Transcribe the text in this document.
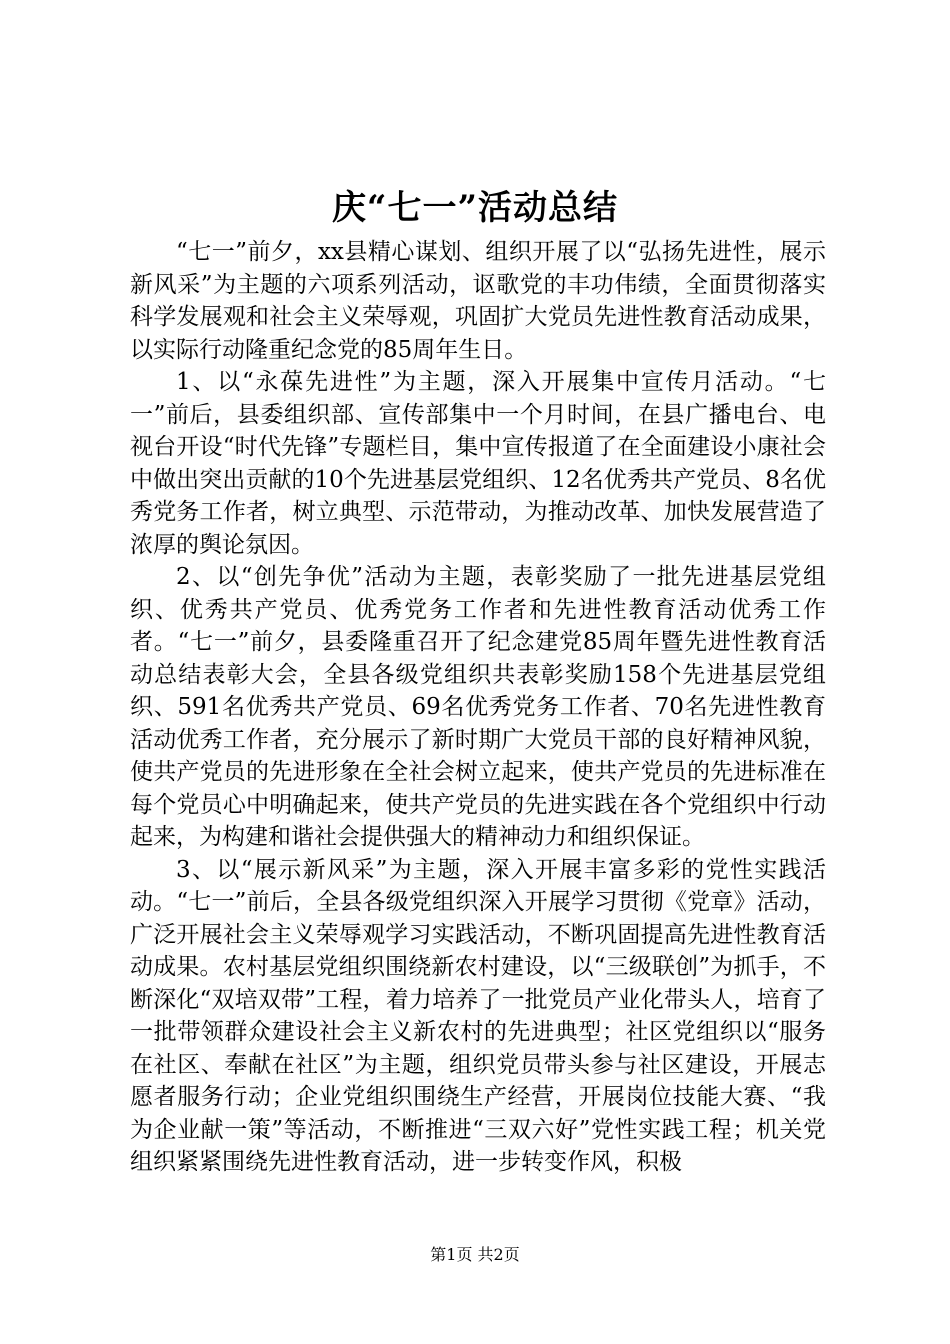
庆“七一”活动总结

“七一”前夕，xx县精心谋划、组织开展了以“弘扬先进性，展示新风采”为主题的六项系列活动，讴歌党的丰功伟绩，全面贯彻落实科学发展观和社会主义荣辱观，巩固扩大党员先进性教育活动成果，以实际行动隆重纪念党的85周年生日。

1、以“永葆先进性”为主题，深入开展集中宣传月活动。“七一”前后，县委组织部、宣传部集中一个月时间，在县广播电台、电视台开设“时代先锋”专题栏目，集中宣传报道了在全面建设小康社会中做出突出贡献的10个先进基层党组织、12名优秀共产党员、8名优秀党务工作者，树立典型、示范带动，为推动改革、加快发展营造了浓厚的舆论氛因。

2、以“创先争优”活动为主题，表彰奖励了一批先进基层党组织、优秀共产党员、优秀党务工作者和先进性教育活动优秀工作者。“七一”前夕，县委隆重召开了纪念建党85周年暨先进性教育活动总结表彰大会，全县各级党组织共表彰奖励158个先进基层党组织、591名优秀共产党员、69名优秀党务工作者、70名先进性教育活动优秀工作者，充分展示了新时期广大党员干部的良好精神风貌，使共产党员的先进形象在全社会树立起来，使共产党员的先进标准在每个党员心中明确起来，使共产党员的先进实践在各个党组织中行动起来，为构建和谐社会提供强大的精神动力和组织保证。

3、以“展示新风采”为主题，深入开展丰富多彩的党性实践活动。“七一”前后，全县各级党组织深入开展学习贯彻《党章》活动，广泛开展社会主义荣辱观学习实践活动，不断巩固提高先进性教育活动成果。农村基层党组织围绕新农村建设，以“三级联创”为抓手，不断深化“双培双带”工程，着力培养了一批党员产业化带头人，培育了一批带领群众建设社会主义新农村的先进典型；社区党组织以“服务在社区、奉献在社区”为主题，组织党员带头参与社区建设，开展志愿者服务行动；企业党组织围绕生产经营，开展岗位技能大赛、“我为企业献一策”等活动，不断推进“三双六好”党性实践工程；机关党组织紧紧围绕先进性教育活动，进一步转变作风，积极

第1页 共2页
